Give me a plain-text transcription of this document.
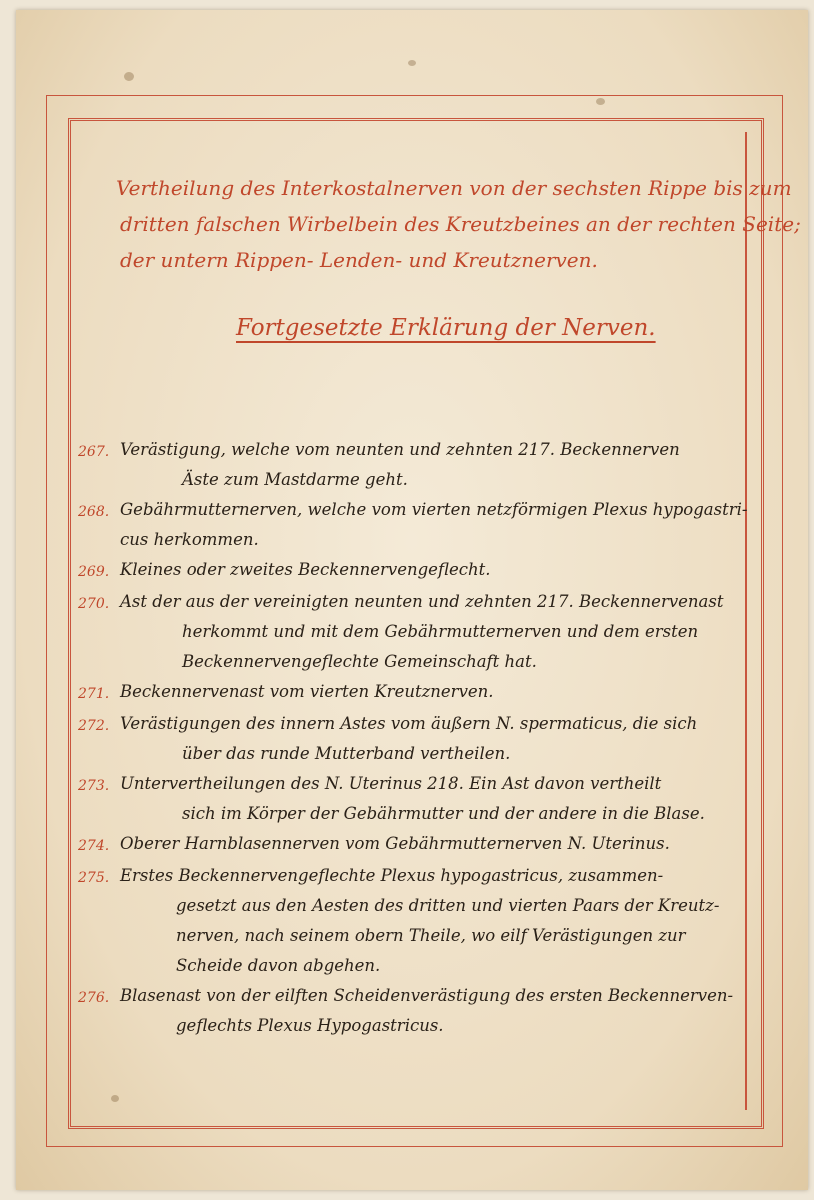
Vertheilung des Interkostalnerven von der sechsten Rippe bis zum
dritten falschen Wirbelbein des Kreutzbeines an der rechten Seite;
der untern Rippen- Lenden- und Kreutznerven.
Fortgesetzte Erklärung der Nerven.
267. Verästigung, welche vom neunten und zehnten 217. Beckennerven
Äste zum Mastdarme geht.
268. Gebährmutternerven, welche vom vierten netzförmigen Plexus hypogastri-
cus herkommen.
269. Kleines oder zweites Beckennervengeflecht.
270. Ast der aus der vereinigten neunten und zehnten 217. Beckennervenast
herkommt und mit dem Gebährmutternerven und dem ersten
Beckennervengeflechte Gemeinschaft hat.
271. Beckennervenast vom vierten Kreutznerven.
272. Verästigungen des innern Astes vom äußern N. spermaticus, die sich
über das runde Mutterband vertheilen.
273. Untervertheilungen des N. Uterinus 218. Ein Ast davon vertheilt
sich im Körper der Gebährmutter und der andere in die Blase.
274. Oberer Harnblasennerven vom Gebährmutternerven N. Uterinus.
275. Erstes Beckennervengeflechte Plexus hypogastricus, zusammen-
gesetzt aus den Aesten des dritten und vierten Paars der Kreutz-
nerven, nach seinem obern Theile, wo eilf Verästigungen zur
Scheide davon abgehen.
276. Blasenast von der eilften Scheidenverästigung des ersten Beckennerven-
geflechts Plexus Hypogastricus.
